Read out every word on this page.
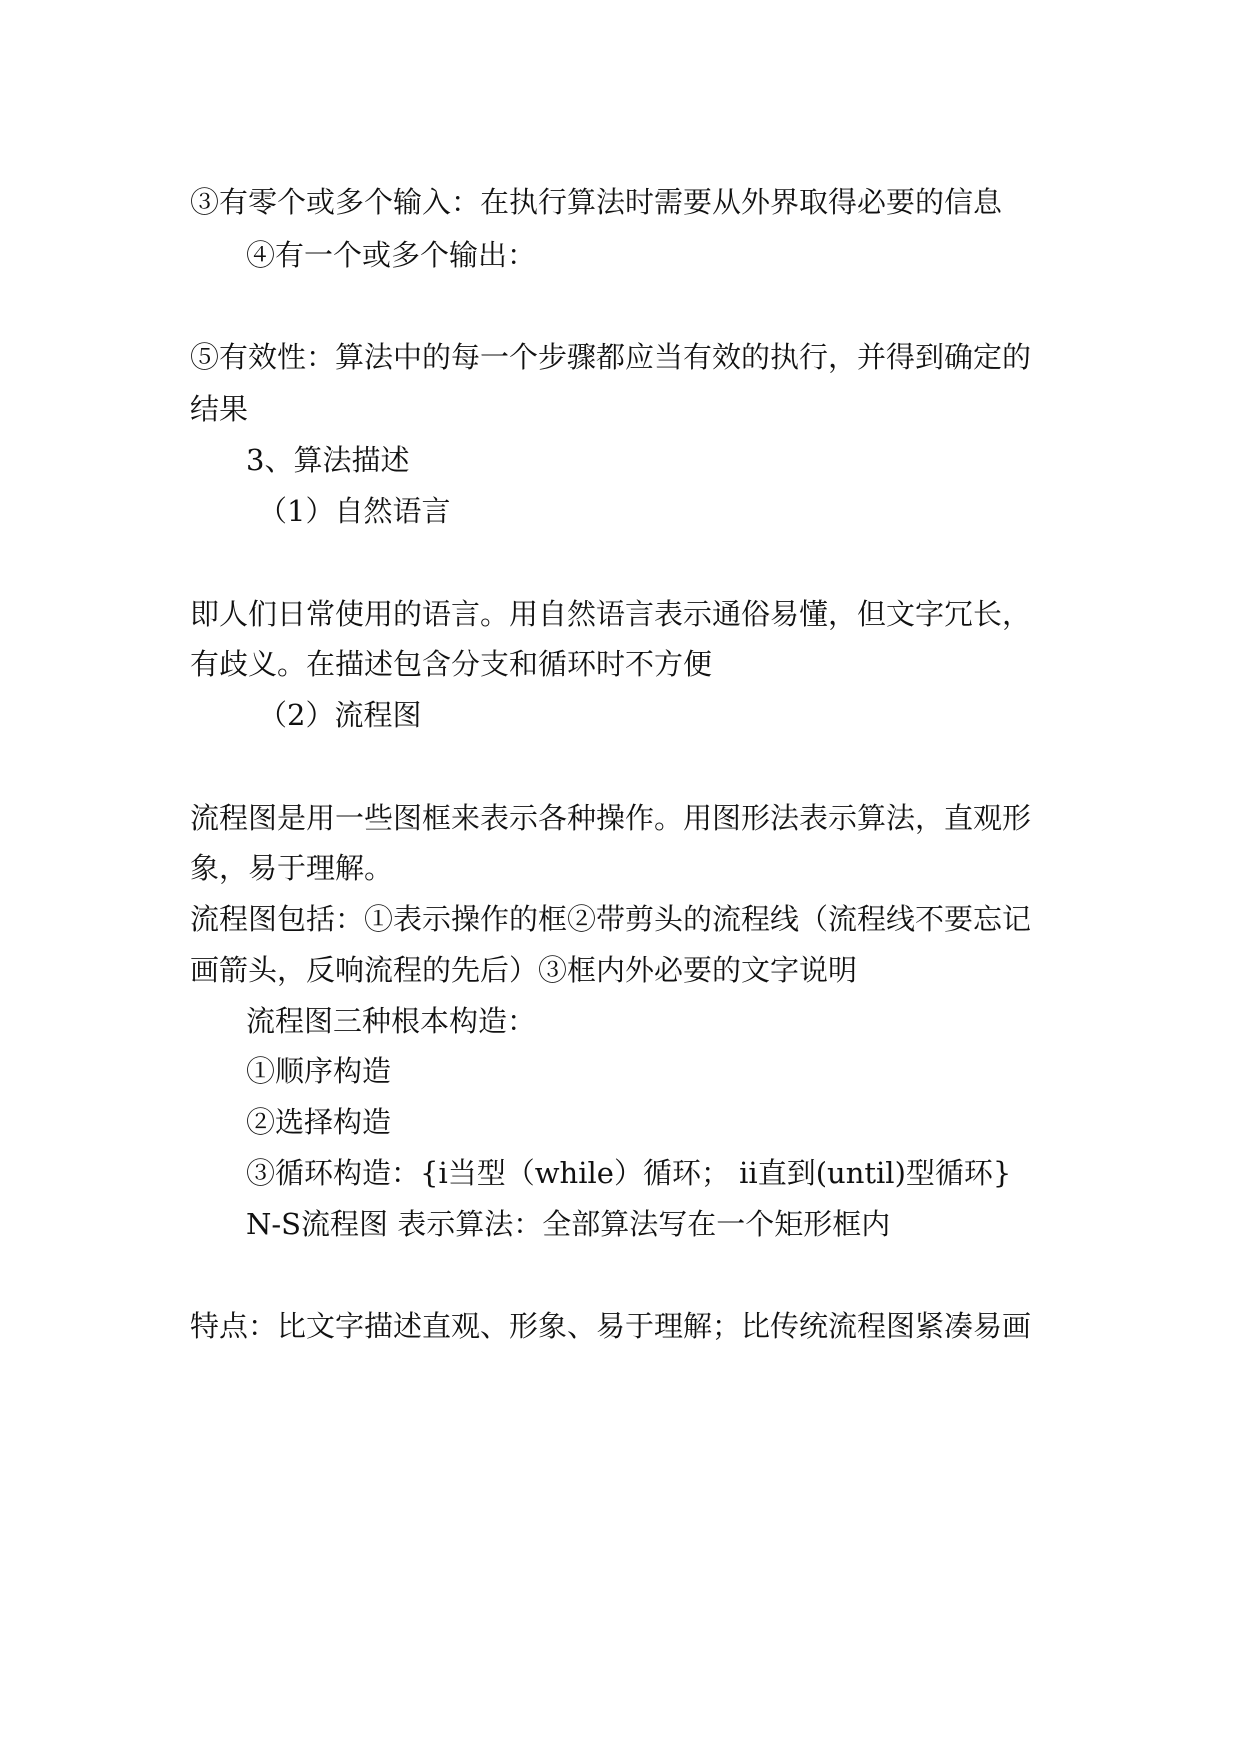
③有零个或多个输入：在执行算法时需要从外界取得必要的信息
④有一个或多个输出：
⑤有效性：算法中的每一个步骤都应当有效的执行，并得到确定的
结果
3、算法描述
（1）自然语言
即人们日常使用的语言。用自然语言表示通俗易懂，但文字冗长，
有歧义。在描述包含分支和循环时不方便
（2）流程图
流程图是用一些图框来表示各种操作。用图形法表示算法，直观形
象，易于理解。
流程图包括：①表示操作的框②带剪头的流程线（流程线不要忘记
画箭头，反响流程的先后）③框内外必要的文字说明
流程图三种根本构造：
①顺序构造
②选择构造
③循环构造：{ⅰ当型（while）循环； ⅱ直到(until)型循环}
N-S流程图 表示算法：全部算法写在一个矩形框内
特点：比文字描述直观、形象、易于理解；比传统流程图紧凑易画
